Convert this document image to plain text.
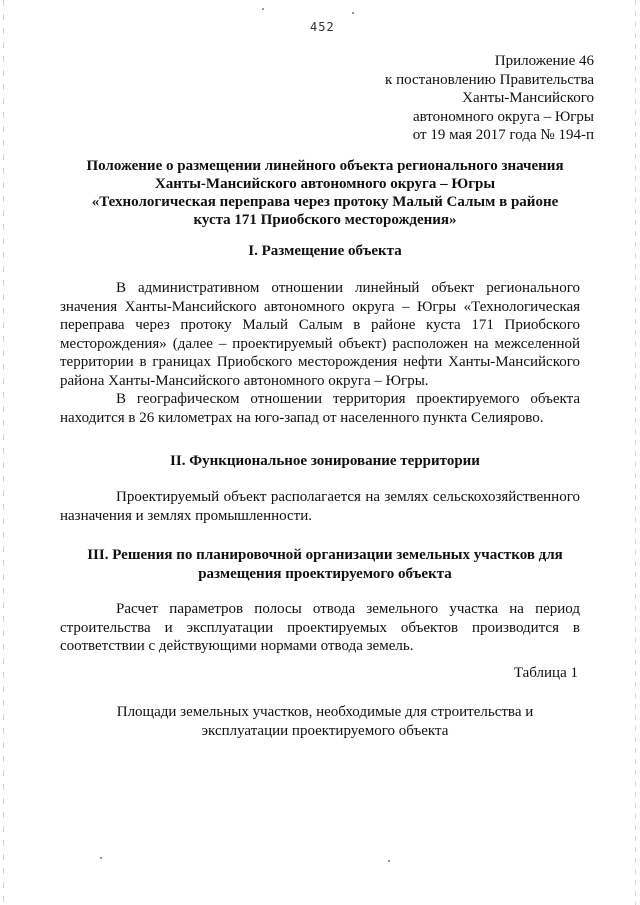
452
Приложение 46
к постановлению Правительства
Ханты-Мансийского
автономного округа – Югры
от 19 мая 2017 года № 194-п
Положение о размещении линейного объекта регионального значения
Ханты-Мансийского автономного округа – Югры
«Технологическая переправа через протоку Малый Салым в районе
куста 171 Приобского месторождения»
I. Размещение объекта

В административном отношении линейный объект регионального значения Ханты-Мансийского автономного округа – Югры «Технологическая переправа через протоку Малый Салым в районе куста 171 Приобского месторождения» (далее – проектируемый объект) расположен на межселенной территории в границах Приобского месторождения нефти Ханты-Мансийского района Ханты-Мансийского автономного округа – Югры.

В географическом отношении территория проектируемого объекта находится в 26 километрах на юго-запад от населенного пункта Селиярово.

II. Функциональное зонирование территории

Проектируемый объект располагается на землях сельскохозяйственного назначения и землях промышленности.

III. Решения по планировочной организации земельных участков для
размещения проектируемого объекта

Расчет параметров полосы отвода земельного участка на период строительства и эксплуатации проектируемых объектов производится в соответствии с действующими нормами отвода земель.

Таблица 1
Площади земельных участков, необходимые для строительства и
эксплуатации проектируемого объекта
